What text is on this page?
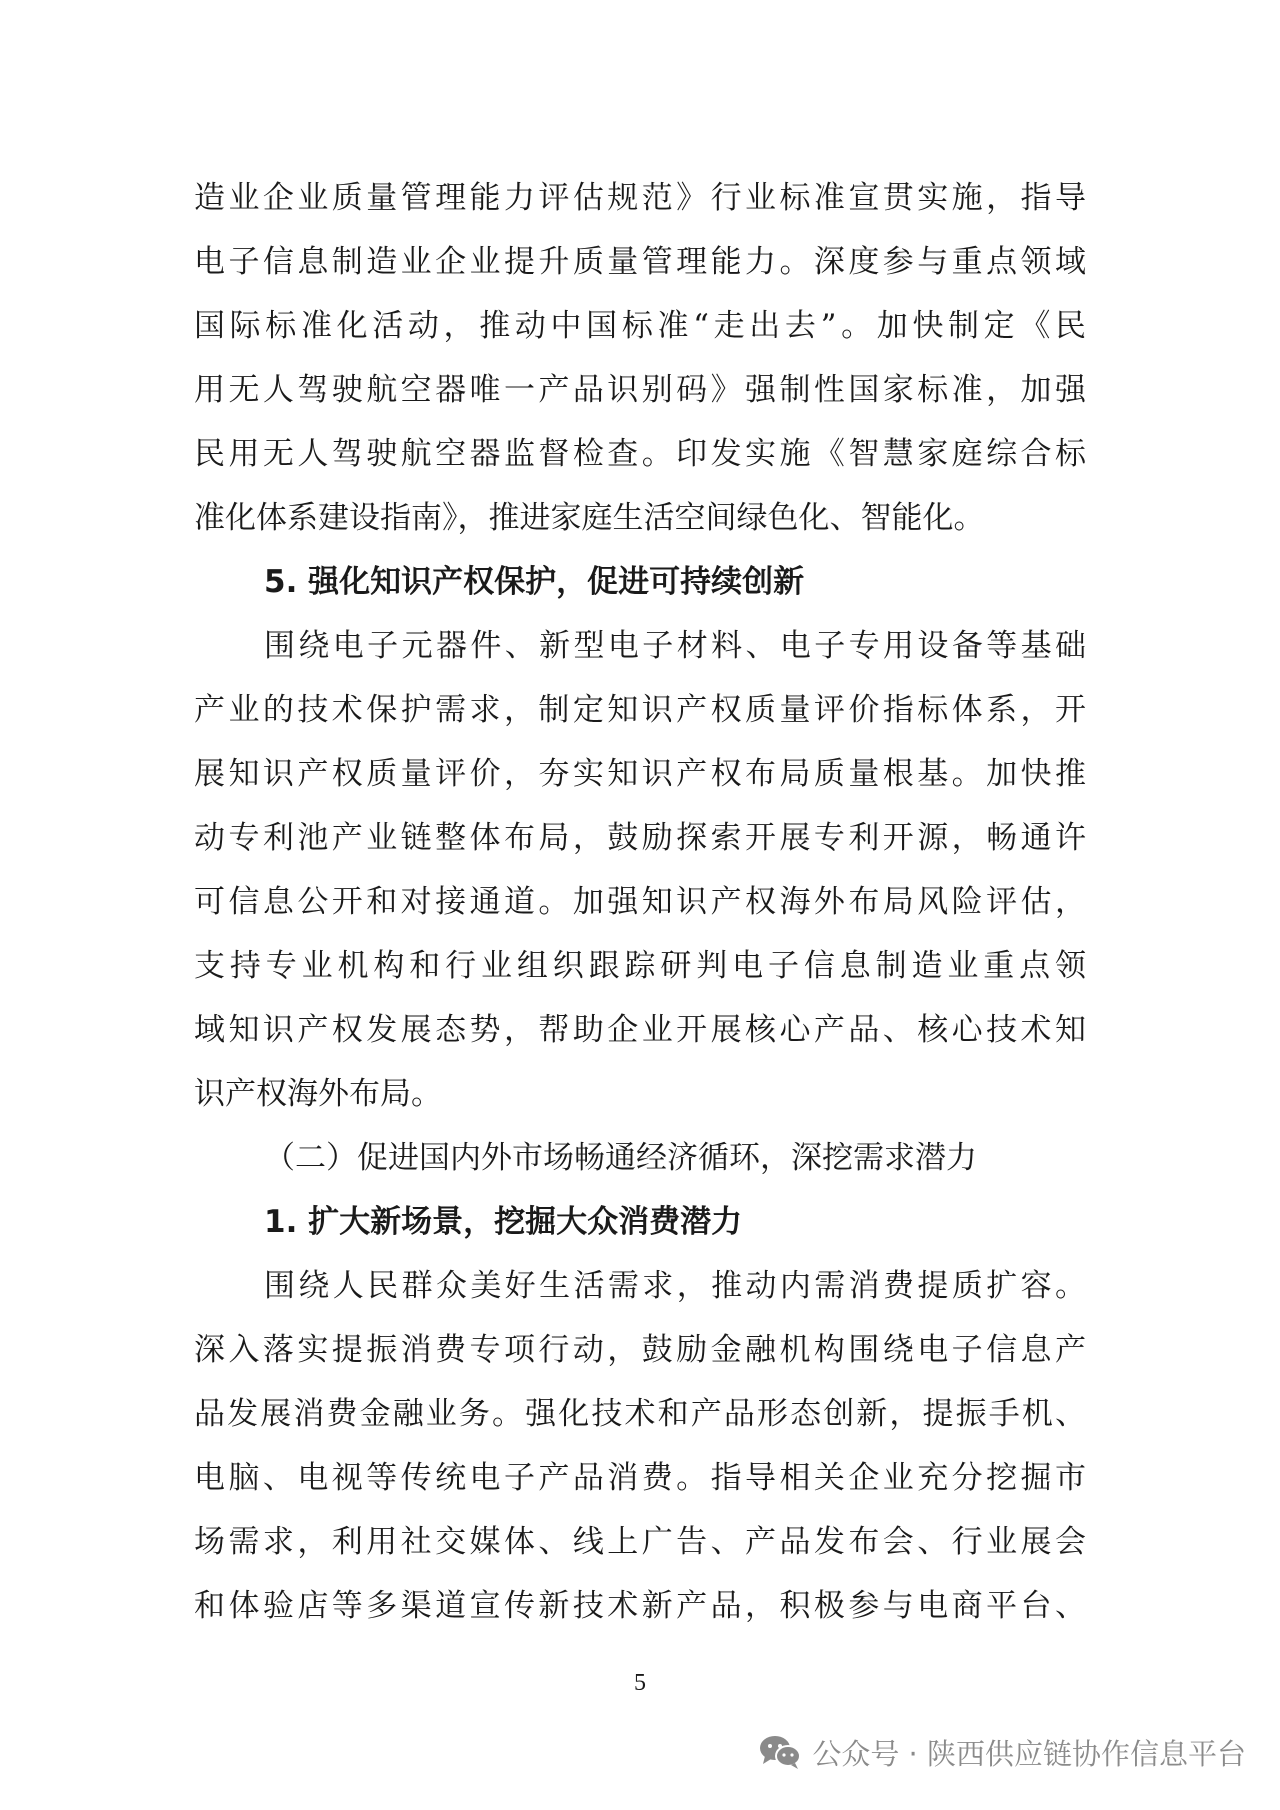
造业企业质量管理能力评估规范》行业标准宣贯实施，指导
电子信息制造业企业提升质量管理能力。深度参与重点领域
国际标准化活动，推动中国标准“走出去”。加快制定《民
用无人驾驶航空器唯一产品识别码》强制性国家标准，加强
民用无人驾驶航空器监督检查。印发实施《智慧家庭综合标
准化体系建设指南》，推进家庭生活空间绿色化、智能化。
5. 强化知识产权保护，促进可持续创新
围绕电子元器件、新型电子材料、电子专用设备等基础
产业的技术保护需求，制定知识产权质量评价指标体系，开
展知识产权质量评价，夯实知识产权布局质量根基。加快推
动专利池产业链整体布局，鼓励探索开展专利开源，畅通许
可信息公开和对接通道。加强知识产权海外布局风险评估，
支持专业机构和行业组织跟踪研判电子信息制造业重点领
域知识产权发展态势，帮助企业开展核心产品、核心技术知
识产权海外布局。
（二）促进国内外市场畅通经济循环，深挖需求潜力
1. 扩大新场景，挖掘大众消费潜力
围绕人民群众美好生活需求，推动内需消费提质扩容。
深入落实提振消费专项行动，鼓励金融机构围绕电子信息产
品发展消费金融业务。强化技术和产品形态创新，提振手机、
电脑、电视等传统电子产品消费。指导相关企业充分挖掘市
场需求，利用社交媒体、线上广告、产品发布会、行业展会
和体验店等多渠道宣传新技术新产品，积极参与电商平台、
5
公众号 · 陕西供应链协作信息平台
